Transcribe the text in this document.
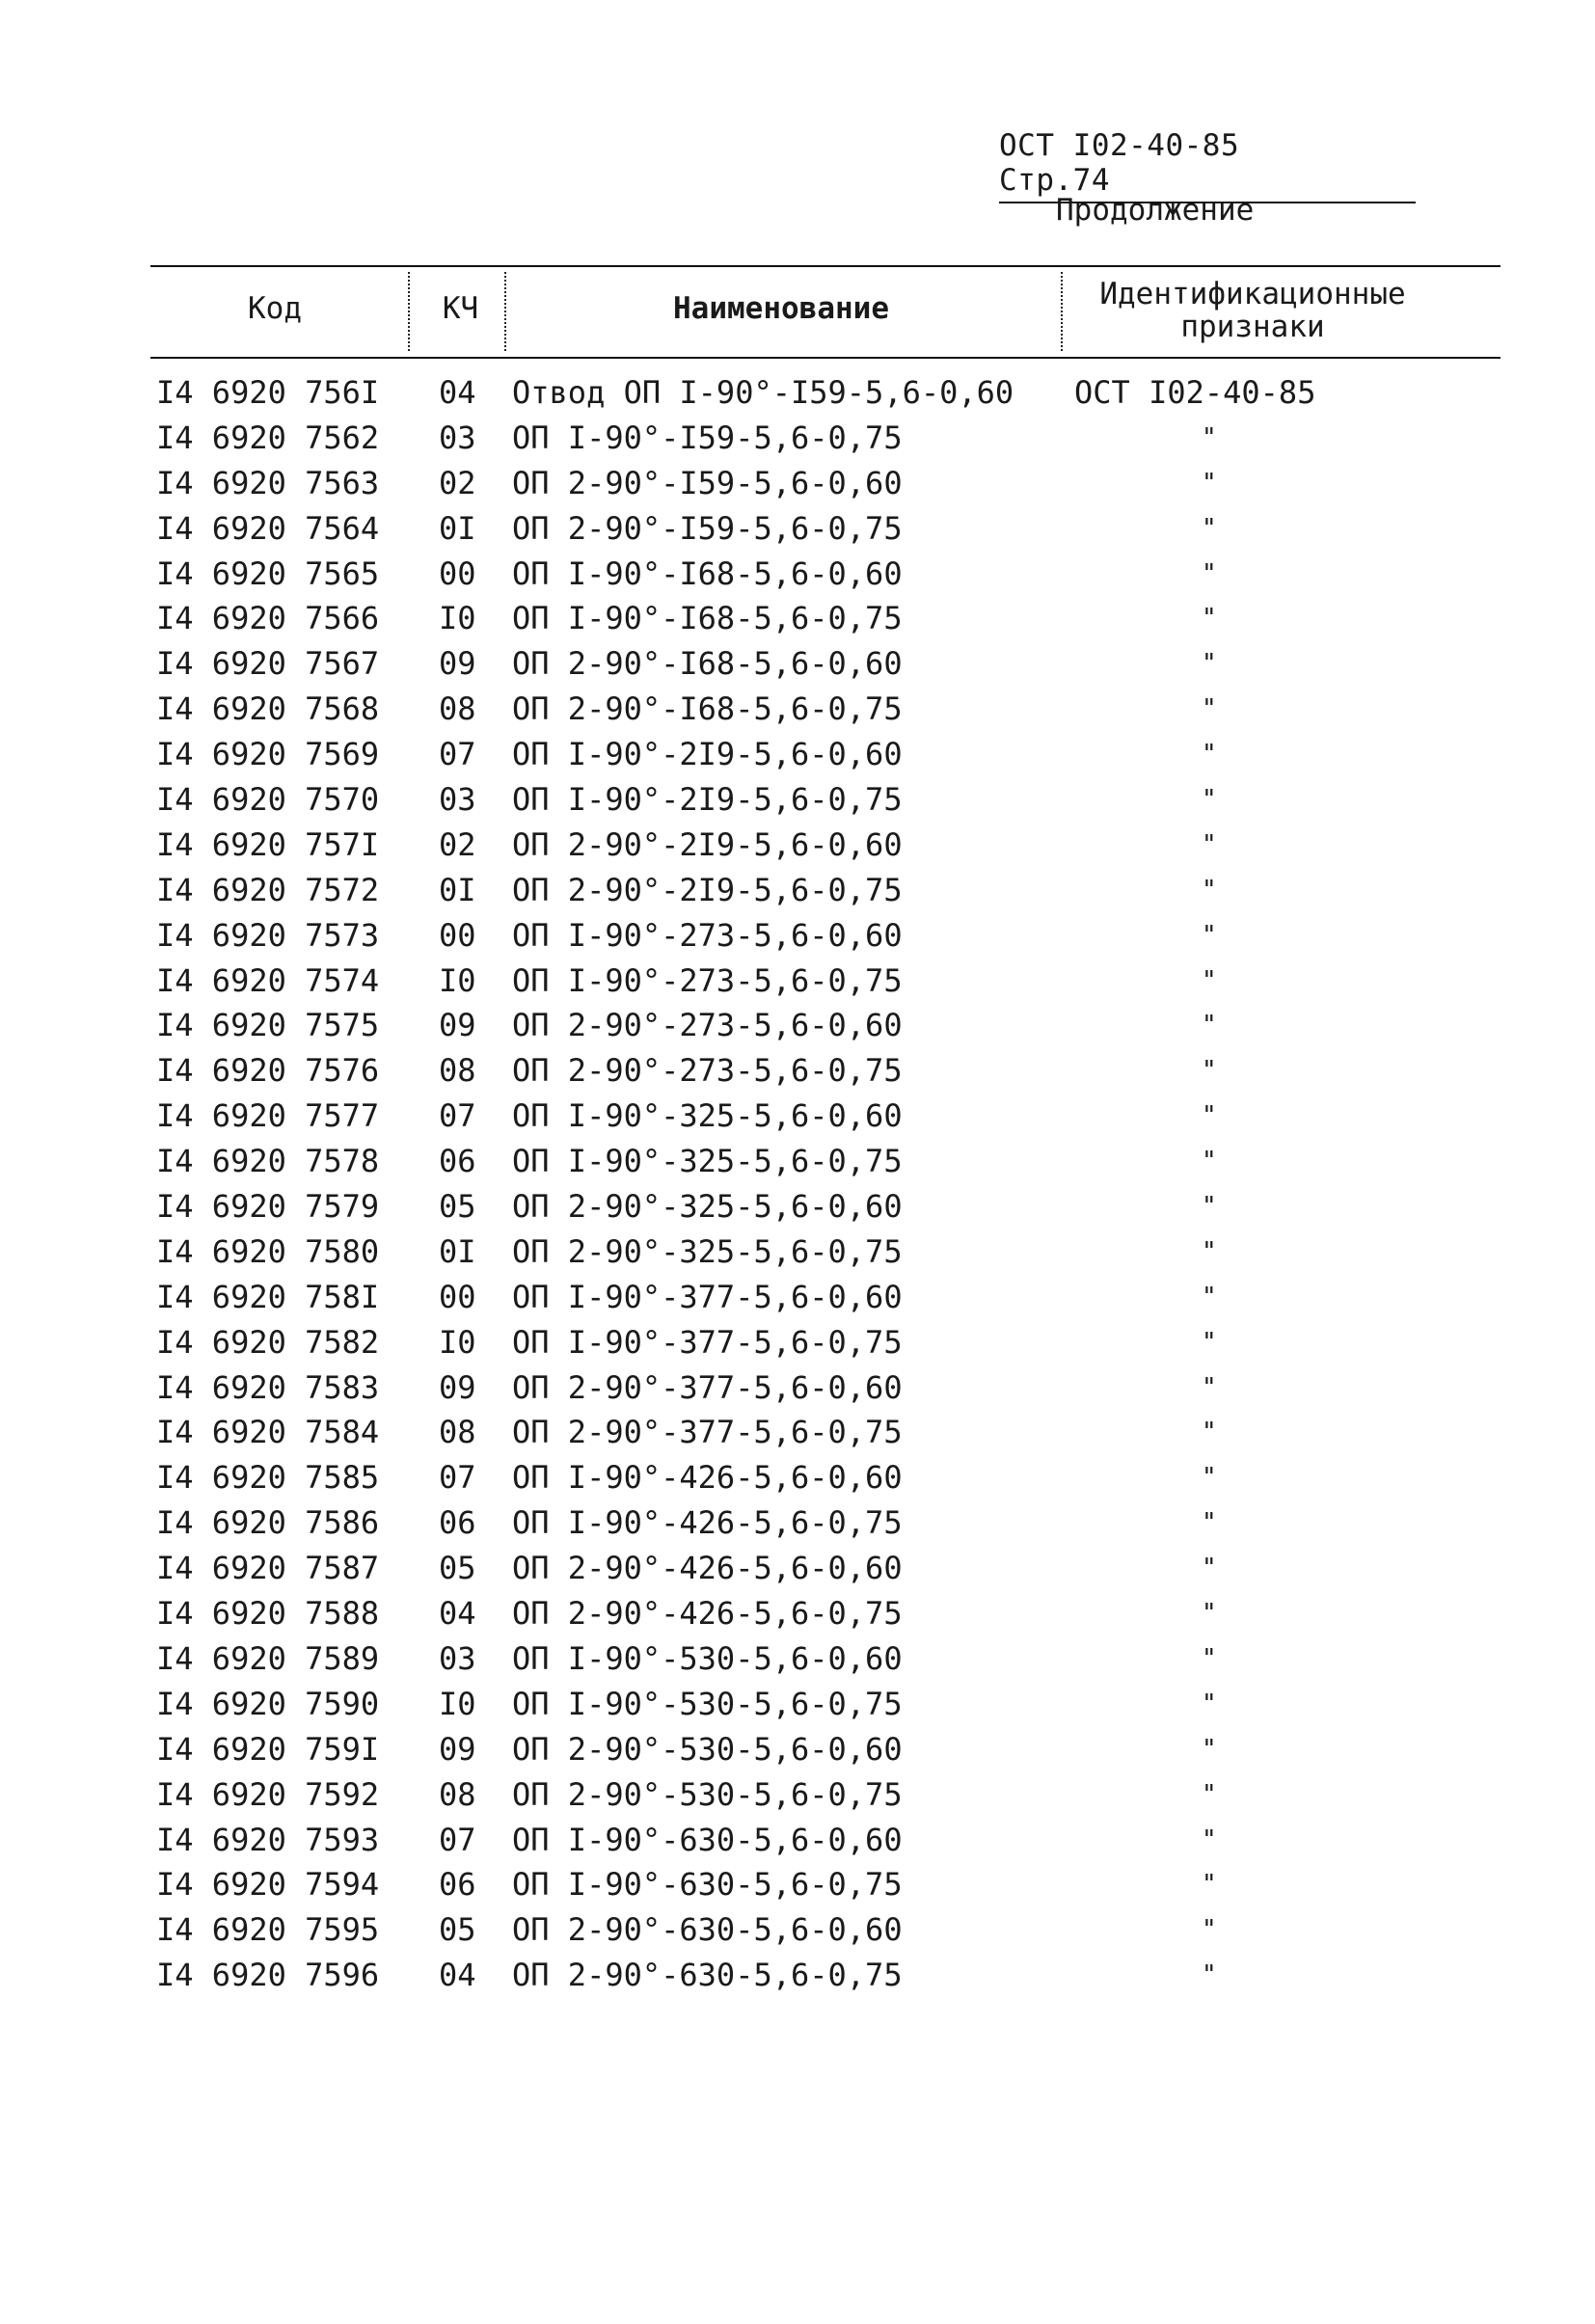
ОСТ I02-40-85    Стр.74
Продолжение
Код	КЧ	Наименование	Идентификационные
признаки
I4 6920 756I 04 Отвод ОП I-90°-I59-5,6-0,60 ОСТ I02-40-85
I4 6920 7562 03 ОП I-90°-I59-5,6-0,75	"
I4 6920 7563 02 ОП 2-90°-I59-5,6-0,60	"
I4 6920 7564 0I ОП 2-90°-I59-5,6-0,75	"
I4 6920 7565 00 ОП I-90°-I68-5,6-0,60	"
I4 6920 7566 I0 ОП I-90°-I68-5,6-0,75	"
I4 6920 7567 09 ОП 2-90°-I68-5,6-0,60	"
I4 6920 7568 08 ОП 2-90°-I68-5,6-0,75	"
I4 6920 7569 07 ОП I-90°-2I9-5,6-0,60	"
I4 6920 7570 03 ОП I-90°-2I9-5,6-0,75	"
I4 6920 757I 02 ОП 2-90°-2I9-5,6-0,60	"
I4 6920 7572 0I ОП 2-90°-2I9-5,6-0,75	"
I4 6920 7573 00 ОП I-90°-273-5,6-0,60	"
I4 6920 7574 I0 ОП I-90°-273-5,6-0,75	"
I4 6920 7575 09 ОП 2-90°-273-5,6-0,60	"
I4 6920 7576 08 ОП 2-90°-273-5,6-0,75	"
I4 6920 7577 07 ОП I-90°-325-5,6-0,60	"
I4 6920 7578 06 ОП I-90°-325-5,6-0,75	"
I4 6920 7579 05 ОП 2-90°-325-5,6-0,60	"
I4 6920 7580 0I ОП 2-90°-325-5,6-0,75	"
I4 6920 758I 00 ОП I-90°-377-5,6-0,60	"
I4 6920 7582 I0 ОП I-90°-377-5,6-0,75	"
I4 6920 7583 09 ОП 2-90°-377-5,6-0,60	"
I4 6920 7584 08 ОП 2-90°-377-5,6-0,75	"
I4 6920 7585 07 ОП I-90°-426-5,6-0,60	"
I4 6920 7586 06 ОП I-90°-426-5,6-0,75	"
I4 6920 7587 05 ОП 2-90°-426-5,6-0,60	"
I4 6920 7588 04 ОП 2-90°-426-5,6-0,75	"
I4 6920 7589 03 ОП I-90°-530-5,6-0,60	"
I4 6920 7590 I0 ОП I-90°-530-5,6-0,75	"
I4 6920 759I 09 ОП 2-90°-530-5,6-0,60	"
I4 6920 7592 08 ОП 2-90°-530-5,6-0,75	"
I4 6920 7593 07 ОП I-90°-630-5,6-0,60	"
I4 6920 7594 06 ОП I-90°-630-5,6-0,75	"
I4 6920 7595 05 ОП 2-90°-630-5,6-0,60	"
I4 6920 7596 04 ОП 2-90°-630-5,6-0,75	"
